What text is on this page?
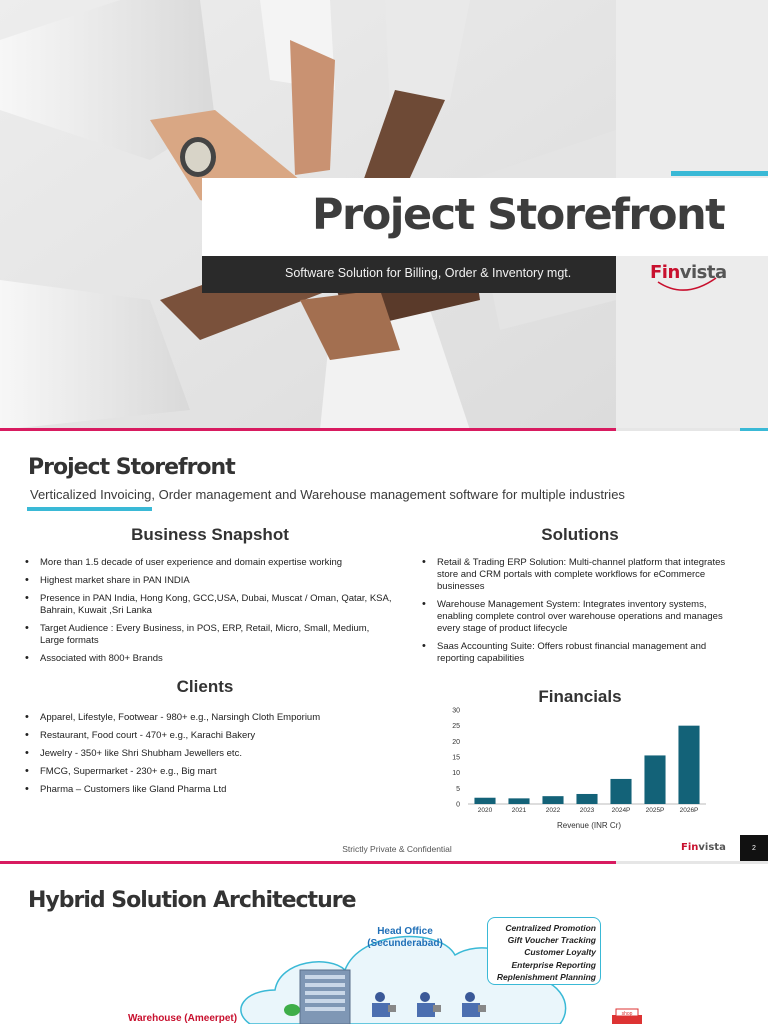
Project Storefront
Software Solution for Billing, Order & Inventory mgt.	Finvista
Project Storefront
Verticalized Invoicing, Order management and Warehouse management software for multiple industries
Business Snapshot
• More than 1.5 decade of user experience and domain expertise working
• Highest market share in PAN INDIA
• Presence in PAN India, Hong Kong, GCC,USA, Dubai, Muscat / Oman, Qatar, KSA, Bahrain, Kuwait ,Sri Lanka
• Target Audience : Every Business, in POS, ERP, Retail, Micro, Small, Medium, Large formats
• Associated with 800+ Brands
Clients
• Apparel, Lifestyle, Footwear - 980+ e.g., Narsingh Cloth Emporium
• Restaurant, Food court - 470+ e.g., Karachi Bakery
• Jewelry - 350+ like Shri Shubham Jewellers etc.
• FMCG, Supermarket - 230+ e.g., Big mart
• Pharma – Customers like Gland Pharma Ltd
Solutions
• Retail & Trading ERP Solution: Multi-channel platform that integrates store and CRM portals with complete workflows for eCommerce businesses
• Warehouse Management System: Integrates inventory systems, enabling complete control over warehouse operations and manages every stage of product lifecycle
• Saas Accounting Suite: Offers robust financial management and reporting capabilities
Financials
0
5
10
15
20
25
30
2020	2021	2022	2023	2024P 2025P 2026P
Revenue (INR Cr)
Strictly Private & Confidential	Finvista	2
Hybrid Solution Architecture
shop
Head Office
(Secunderabad)
Centralized Promotion
Gift Voucher Tracking
Customer Loyalty
Enterprise Reporting
Replenishment Planning
Warehouse (Ameerpet)
